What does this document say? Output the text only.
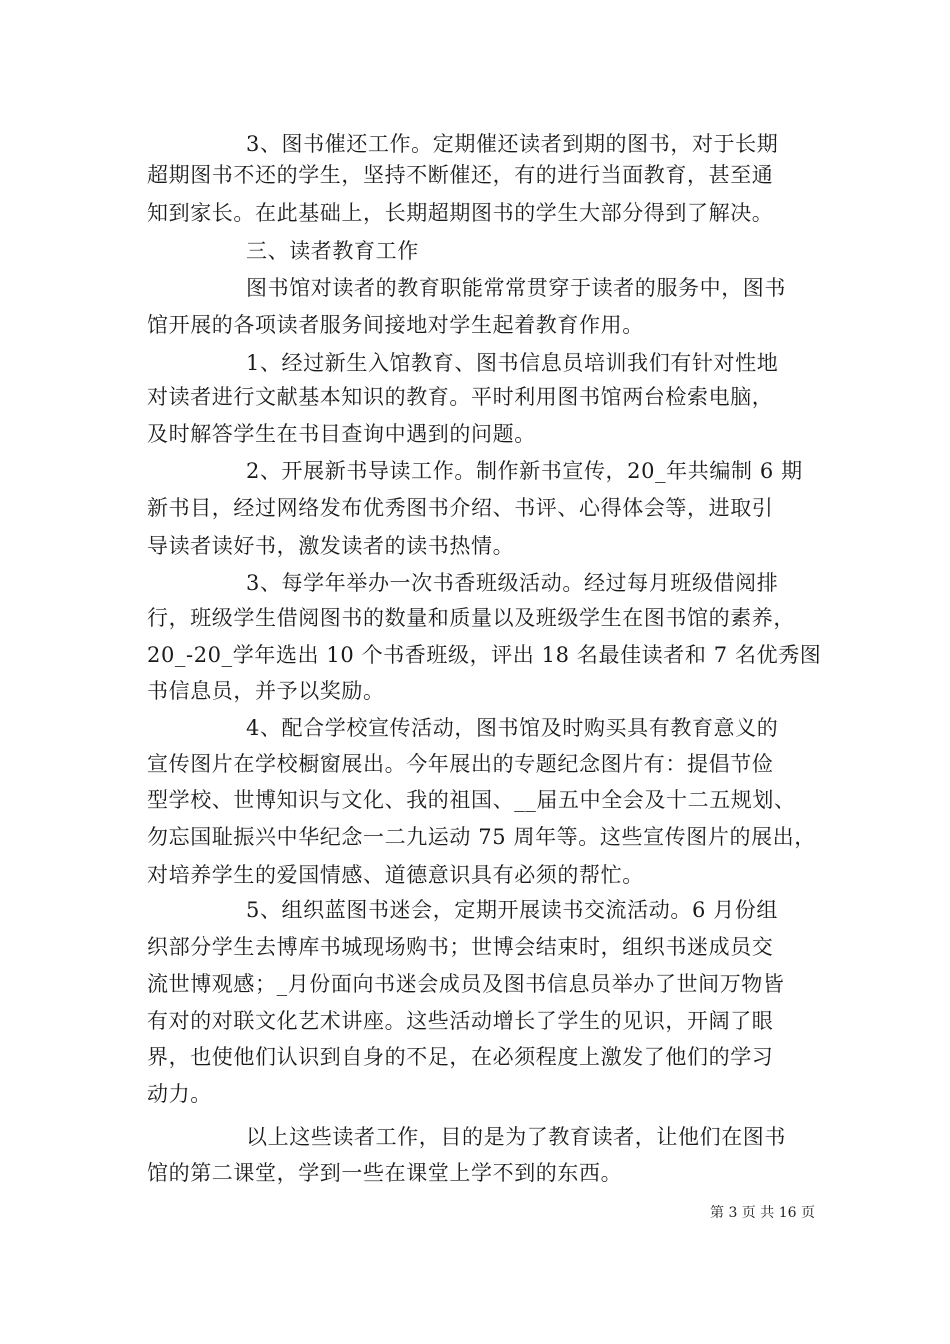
3、图书催还工作。定期催还读者到期的图书，对于长期
超期图书不还的学生，坚持不断催还，有的进行当面教育，甚至通
知到家长。在此基础上，长期超期图书的学生大部分得到了解决。
三、读者教育工作
图书馆对读者的教育职能常常贯穿于读者的服务中，图书
馆开展的各项读者服务间接地对学生起着教育作用。
1、经过新生入馆教育、图书信息员培训我们有针对性地
对读者进行文献基本知识的教育。平时利用图书馆两台检索电脑，
及时解答学生在书目查询中遇到的问题。
2、开展新书导读工作。制作新书宣传，20_年共编制 6 期
新书目，经过网络发布优秀图书介绍、书评、心得体会等，进取引
导读者读好书，激发读者的读书热情。
3、每学年举办一次书香班级活动。经过每月班级借阅排
行，班级学生借阅图书的数量和质量以及班级学生在图书馆的素养，
20_-20_学年选出 10 个书香班级，评出 18 名最佳读者和 7 名优秀图
书信息员，并予以奖励。
4、配合学校宣传活动，图书馆及时购买具有教育意义的
宣传图片在学校橱窗展出。今年展出的专题纪念图片有：提倡节俭
型学校、世博知识与文化、我的祖国、__届五中全会及十二五规划、
勿忘国耻振兴中华纪念一二九运动 75 周年等。这些宣传图片的展出，
对培养学生的爱国情感、道德意识具有必须的帮忙。
5、组织蓝图书迷会，定期开展读书交流活动。6 月份组
织部分学生去博库书城现场购书；世博会结束时，组织书迷成员交
流世博观感；_月份面向书迷会成员及图书信息员举办了世间万物皆
有对的对联文化艺术讲座。这些活动增长了学生的见识，开阔了眼
界，也使他们认识到自身的不足，在必须程度上激发了他们的学习
动力。
以上这些读者工作，目的是为了教育读者，让他们在图书
馆的第二课堂，学到一些在课堂上学不到的东西。
第 3 页 共 16 页
